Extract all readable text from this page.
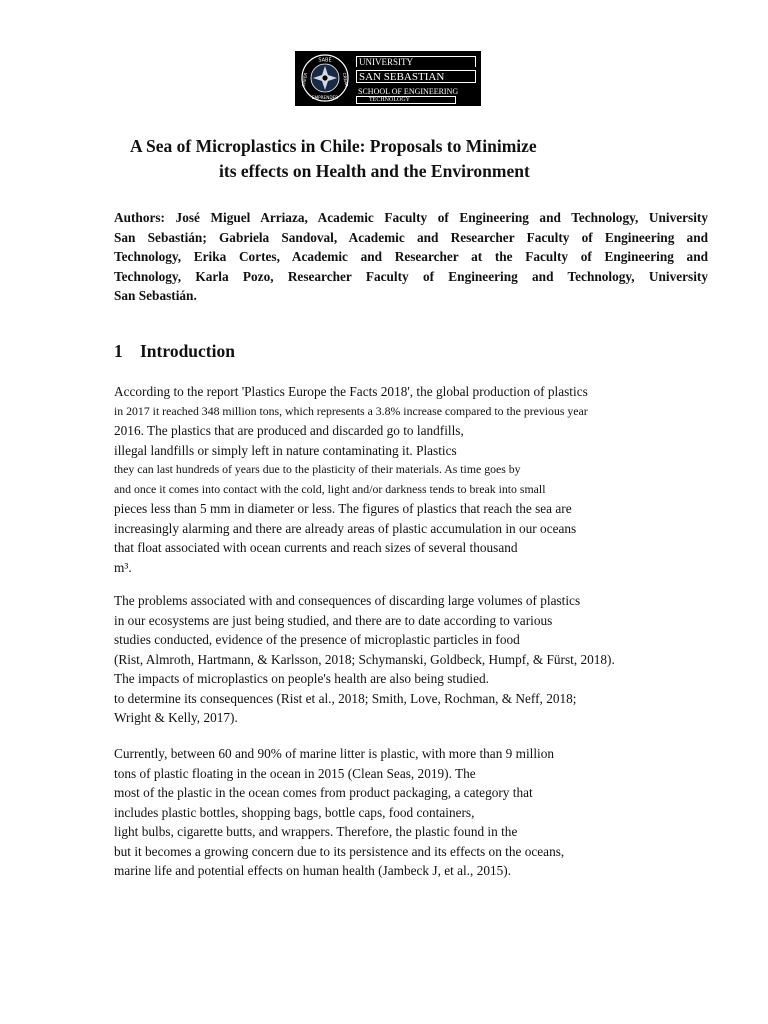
SABE
EMPRENDER
CREER	CREAR
UNIVERSITY
SAN SEBASTIAN
SCHOOL OF ENGINEERING
TECHNOLOGY
A Sea of Microplastics in Chile: Proposals to Minimize
its effects on Health and the Environment
Authors: José Miguel Arriaza, Academic Faculty of Engineering and Technology, University
San Sebastián; Gabriela Sandoval, Academic and Researcher Faculty of Engineering and
Technology, Erika Cortes, Academic and Researcher at the Faculty of Engineering and
Technology, Karla Pozo, Researcher Faculty of Engineering and Technology, University
San Sebastián.
1 Introduction
According to the report 'Plastics Europe the Facts 2018', the global production of plastics
in 2017 it reached 348 million tons, which represents a 3.8% increase compared to the previous year
2016. The plastics that are produced and discarded go to landfills,
illegal landfills or simply left in nature contaminating it. Plastics
they can last hundreds of years due to the plasticity of their materials. As time goes by
and once it comes into contact with the cold, light and/or darkness tends to break into small
pieces less than 5 mm in diameter or less. The figures of plastics that reach the sea are
increasingly alarming and there are already areas of plastic accumulation in our oceans
that float associated with ocean currents and reach sizes of several thousand
m³.
The problems associated with and consequences of discarding large volumes of plastics
in our ecosystems are just being studied, and there are to date according to various
studies conducted, evidence of the presence of microplastic particles in food
(Rist, Almroth, Hartmann, & Karlsson, 2018; Schymanski, Goldbeck, Humpf, & Fürst, 2018).
The impacts of microplastics on people's health are also being studied.
to determine its consequences (Rist et al., 2018; Smith, Love, Rochman, & Neff, 2018;
Wright & Kelly, 2017).
Currently, between 60 and 90% of marine litter is plastic, with more than 9 million
tons of plastic floating in the ocean in 2015 (Clean Seas, 2019). The
most of the plastic in the ocean comes from product packaging, a category that
includes plastic bottles, shopping bags, bottle caps, food containers,
light bulbs, cigarette butts, and wrappers. Therefore, the plastic found in the
but it becomes a growing concern due to its persistence and its effects on the oceans,
marine life and potential effects on human health (Jambeck J, et al., 2015).
